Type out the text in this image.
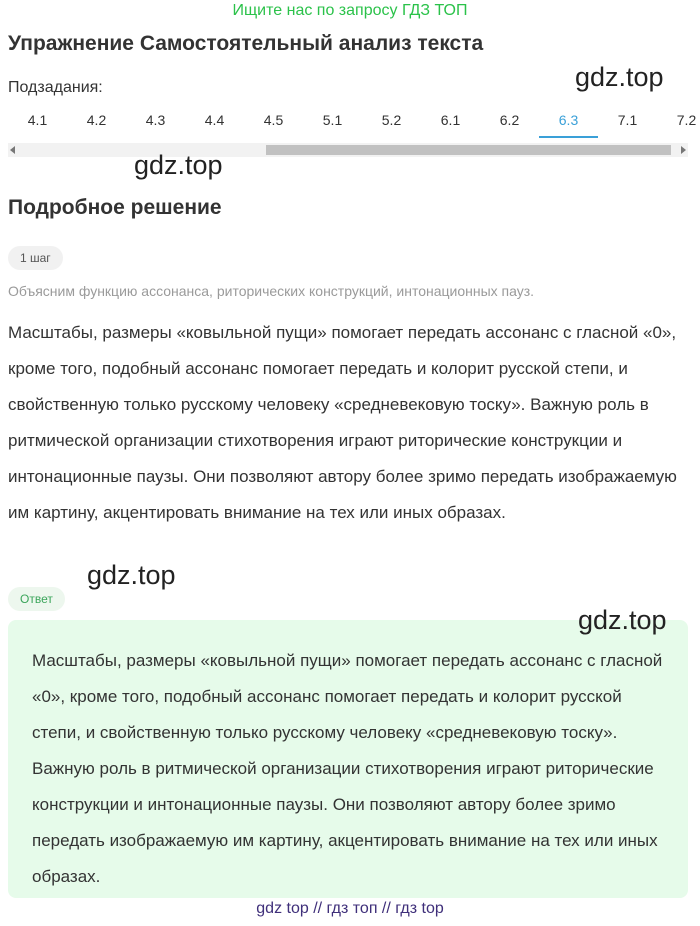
Ищите нас по запросу ГДЗ ТОП
Упражнение Самостоятельный анализ текста
Подзадания:	gdz.top
4.1	4.2	4.3	4.4	4.5	5.1	5.2	6.1	6.2	6.3	7.1	7.2
gdz.top
Подробное решение
1 шаг
Объясним функцию ассонанса, риторических конструкций, интонационных пауз.
Масштабы, размеры «ковыльной пущи» помогает передать ассонанс с гласной «0», кроме того, подобный ассонанс помогает передать и колорит русской степи, и свойственную только русскому человеку «средневековую тоску». Важную роль в ритмической организации стихотворения играют риторические конструкции и интонационные паузы. Они позволяют автору более зримо передать изображаемую им картину, акцентировать внимание на тех или иных образах.
gdz.top
Ответ
gdz.top
Масштабы, размеры «ковыльной пущи» помогает передать ассонанс с гласной «0», кроме того, подобный ассонанс помогает передать и колорит русской степи, и свойственную только русскому человеку «средневековую тоску». Важную роль в ритмической организации стихотворения играют риторические конструкции и интонационные паузы. Они позволяют автору более зримо передать изображаемую им картину, акцентировать внимание на тех или иных образах.
gdz top // гдз топ // гдз top
